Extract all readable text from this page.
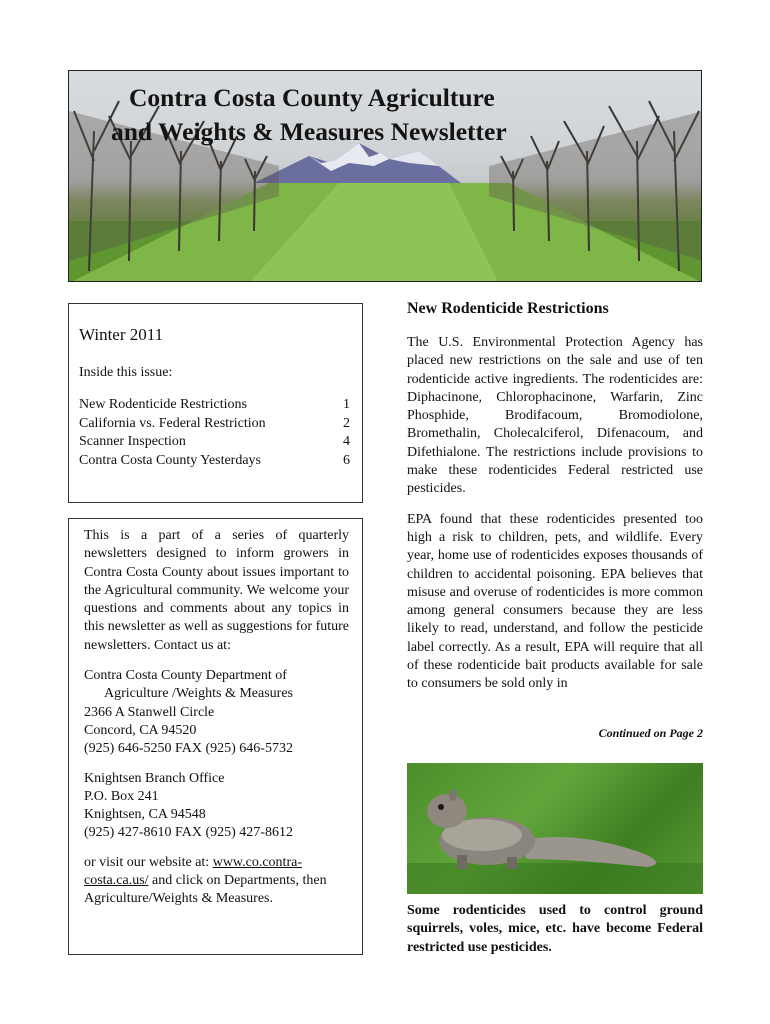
Contra Costa County Agriculture
and Weights & Measures Newsletter
Winter 2011
Inside this issue:
New Rodenticide Restrictions	1
California vs. Federal Restriction	2
Scanner Inspection	4
Contra Costa County Yesterdays	6

This is a part of a series of quarterly newsletters designed to inform growers in Contra Costa County about issues important to the Agricultural community. We welcome your questions and comments about any topics in this newsletter as well as suggestions for future newsletters. Contact us at:

Contra Costa County Department of

Agriculture /Weights & Measures
2366 A Stanwell Circle
Concord, CA 94520
(925) 646-5250 FAX (925) 646-5732

Knightsen Branch Office
P.O. Box 241
Knightsen, CA 94548
(925) 427-8610 FAX (925) 427-8612

or visit our website at: www.co.contra-costa.ca.us/ and click on Departments, then Agriculture/Weights & Measures.

New Rodenticide Restrictions

The U.S. Environmental Protection Agency has placed new restrictions on the sale and use of ten rodenticide active ingredients. The rodenticides are: Diphacinone, Chlorophacinone, Warfarin, Zinc Phosphide, Brodifacoum, Bromodiolone, Bromethalin, Cholecalciferol, Difenacoum, and Difethialone. The restrictions include provisions to make these rodenticides Federal restricted use pesticides.

EPA found that these rodenticides presented too high a risk to children, pets, and wildlife. Every year, home use of rodenticides exposes thousands of children to accidental poisoning. EPA believes that misuse and overuse of rodenticides is more common among general consumers because they are less likely to read, understand, and follow the pesticide label correctly. As a result, EPA will require that all of these rodenticide bait products available for sale to consumers be sold only in

Continued on Page 2
Some rodenticides used to control ground squirrels, voles, mice, etc. have become Federal restricted use pesticides.
